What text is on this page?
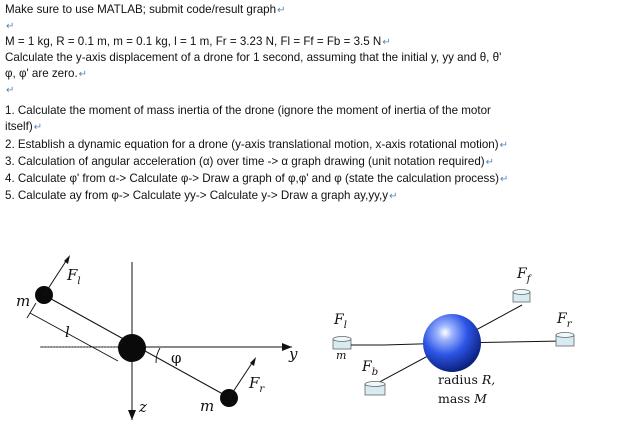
Make sure to use MATLAB; submit code/result graph↵
↵
M = 1 kg, R = 0.1 m, m = 0.1 kg, l = 1 m, Fr = 3.23 N, Fl = Ff = Fb = 3.5 N↵
Calculate the y-axis displacement of a drone for 1 second, assuming that the initial y, yy and θ, θ'
φ, φ' are zero.↵
↵
1. Calculate the moment of mass inertia of the drone (ignore the moment of inertia of the motor
itself)↵
2. Establish a dynamic equation for a drone (y-axis translational motion, x-axis rotational motion)↵
3. Calculation of angular acceleration (α) over time -> α graph drawing (unit notation required)↵
4. Calculate φ' from α-> Calculate φ-> Draw a graph of φ,φ' and φ (state the calculation process)↵
5. Calculate ay from φ-> Calculate yy-> Calculate y-> Draw a graph ay,yy,y↵
m
$F_l$
l
φ	y
z	m
$F_r$
$F_f$
$F_l$	$F_r$
m
$F_b$	radius R,
mass M
